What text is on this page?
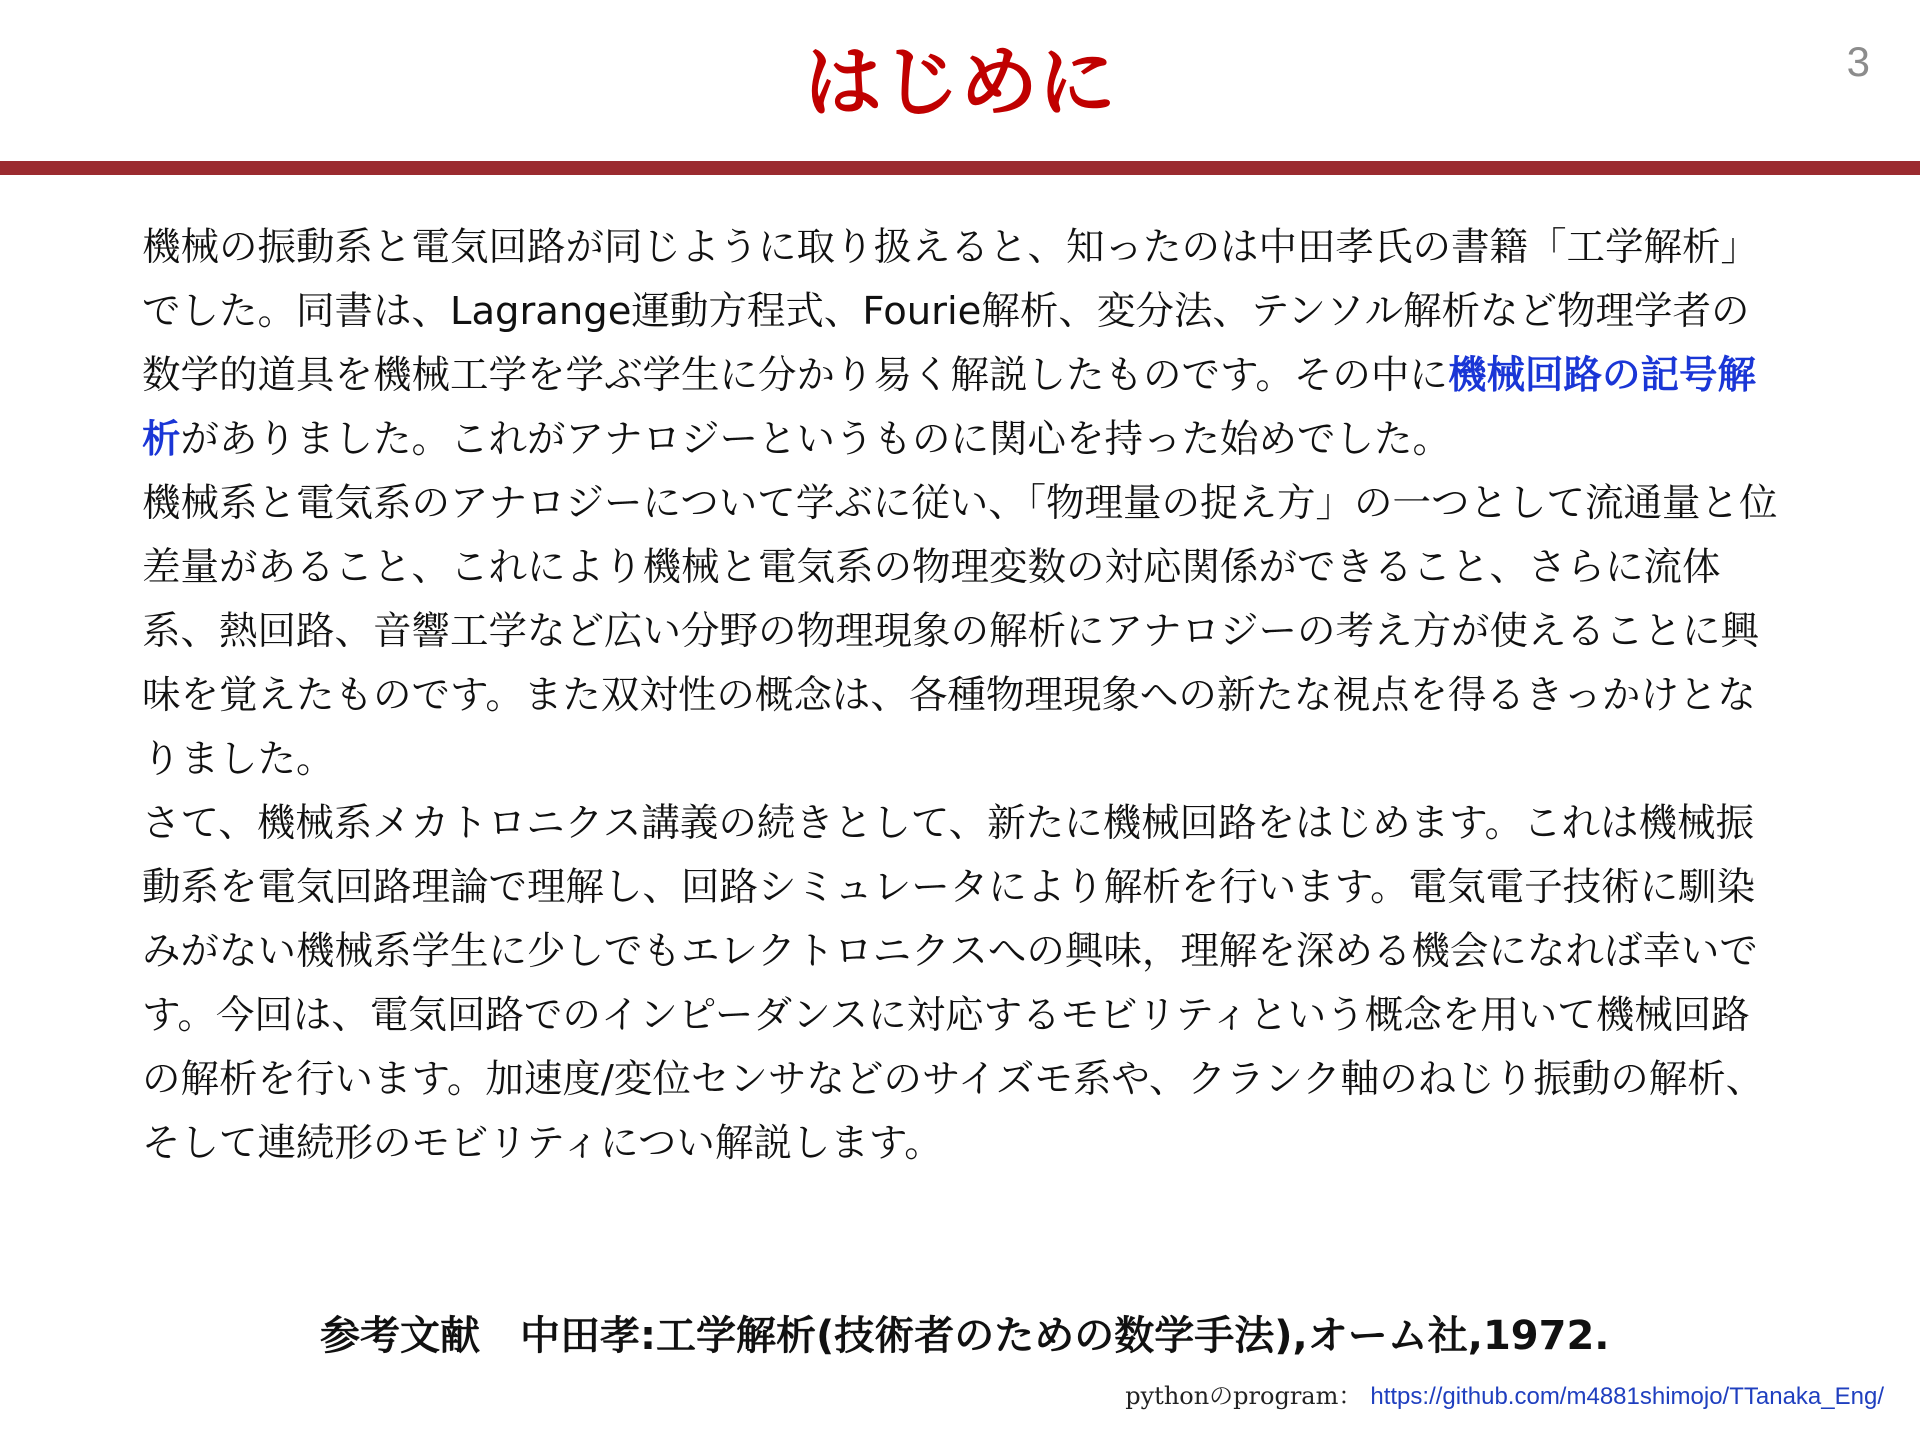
はじめに	3

機械の振動系と電気回路が同じように取り扱えると、知ったのは中田孝氏の書籍「工学解析」でした。同書は、Lagrange運動方程式、Fourie解析、変分法、テンソル解析など物理学者の数学的道具を機械工学を学ぶ学生に分かり易く解説したものです。その中に機械回路の記号解析がありました。これがアナロジーというものに関心を持った始めでした。

機械系と電気系のアナロジーについて学ぶに従い、「物理量の捉え方」の一つとして流通量と位差量があること、これにより機械と電気系の物理変数の対応関係ができること、さらに流体系、熱回路、音響工学など広い分野の物理現象の解析にアナロジーの考え方が使えることに興味を覚えたものです。また双対性の概念は、各種物理現象への新たな視点を得るきっかけとなりました。

さて、機械系メカトロニクス講義の続きとして、新たに機械回路をはじめます。これは機械振動系を電気回路理論で理解し、回路シミュレータにより解析を行います。電気電子技術に馴染みがない機械系学生に少しでもエレクトロニクスへの興味，理解を深める機会になれば幸いです。今回は、電気回路でのインピーダンスに対応するモビリティという概念を用いて機械回路の解析を行います。加速度/変位センサなどのサイズモ系や、クランク軸のねじり振動の解析、そして連続形のモビリティについ解説します。

参考文献　中田孝:工学解析(技術者のための数学手法),オーム社,1972.
pythonのprogram： https://github.com/m4881shimojo/TTanaka_Eng/
